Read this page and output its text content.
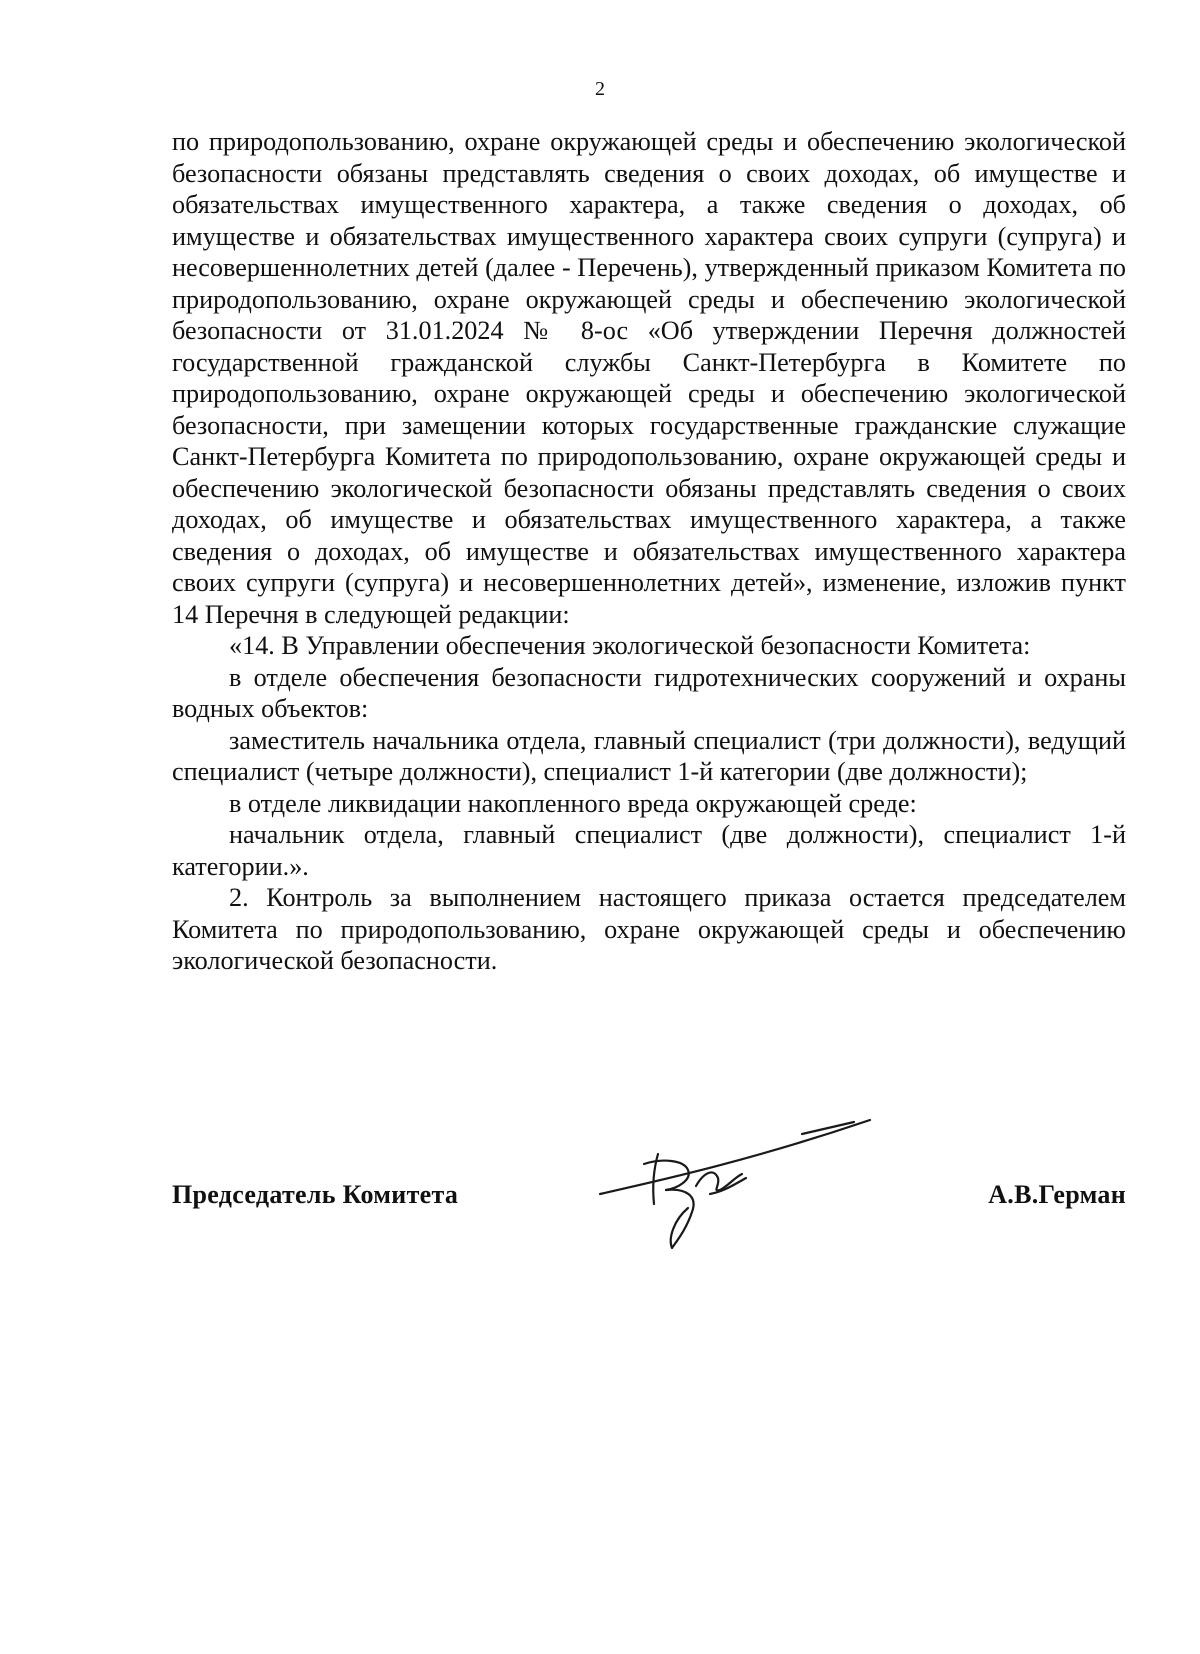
2

по природопользованию, охране окружающей среды и обеспечению экологической безопасности обязаны представлять сведения о своих доходах, об имуществе и обязательствах имущественного характера, а также сведения о доходах, об имуществе и обязательствах имущественного характера своих супруги (супруга) и несовершеннолетних детей (далее - Перечень), утвержденный приказом Комитета по природопользованию, охране окружающей среды и обеспечению экологической безопасности от 31.01.2024 № 8-ос «Об утверждении Перечня должностей государственной гражданской службы Санкт-Петербурга в Комитете по природопользованию, охране окружающей среды и обеспечению экологической безопасности, при замещении которых государственные гражданские служащие Санкт-Петербурга Комитета по природопользованию, охране окружающей среды и обеспечению экологической безопасности обязаны представлять сведения о своих доходах, об имуществе и обязательствах имущественного характера, а также сведения о доходах, об имуществе и обязательствах имущественного характера своих супруги (супруга) и несовершеннолетних детей», изменение, изложив пункт 14 Перечня в следующей редакции:

«14. В Управлении обеспечения экологической безопасности Комитета:

в отделе обеспечения безопасности гидротехнических сооружений и охраны водных объектов:

заместитель начальника отдела, главный специалист (три должности), ведущий специалист (четыре должности), специалист 1-й категории (две должности);

в отделе ликвидации накопленного вреда окружающей среде:

начальник отдела, главный специалист (две должности), специалист 1-й категории.».

2. Контроль за выполнением настоящего приказа остается председателем Комитета по природопользованию, охране окружающей среды и обеспечению экологической безопасности.

Председатель Комитета	А.В.Герман
